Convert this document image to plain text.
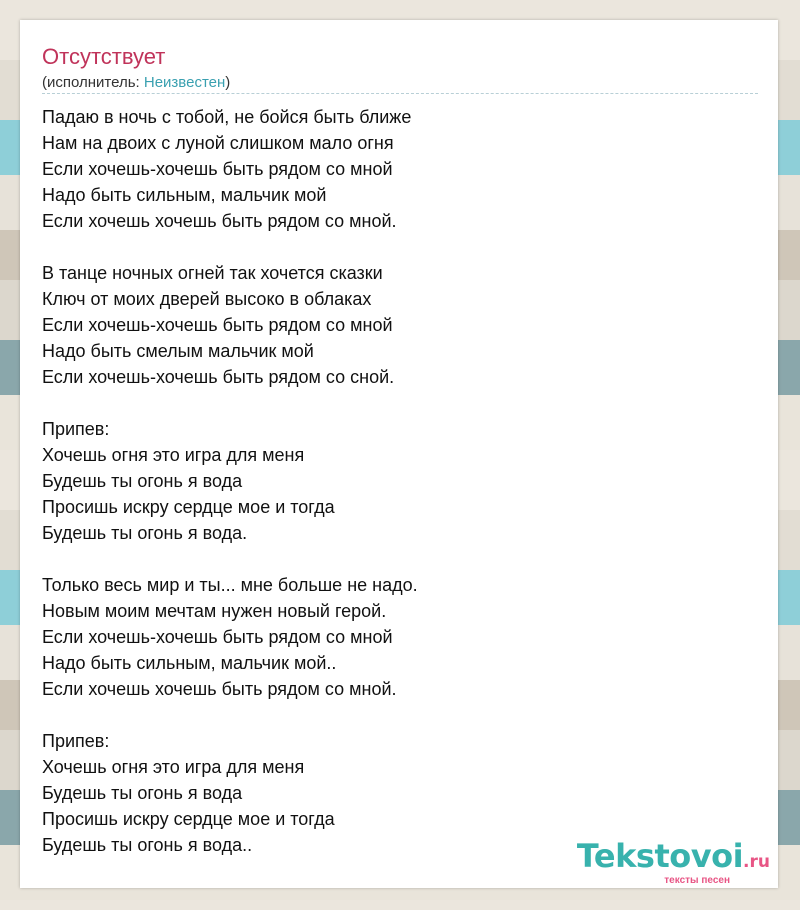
Отсутствует
(исполнитель: Неизвестен)
Падаю в ночь с тобой, не бойся быть ближе
Нам на двоих с луной слишком мало огня
Если хочешь-хочешь быть рядом со мной
Надо быть сильным, мальчик мой
Если хочешь хочешь быть рядом со мной.
В танце ночных огней так хочется сказки
Ключ от моих дверей высоко в облаках
Если хочешь-хочешь быть рядом со мной
Надо быть смелым мальчик мой
Если хочешь-хочешь быть рядом со сной.
Припев:
Хочешь огня это игра для меня
Будешь ты огонь я вода
Просишь искру сердце мое и тогда
Будешь ты огонь я вода.
Только весь мир и ты... мне больше не надо.
Новым моим мечтам нужен новый герой.
Если хочешь-хочешь быть рядом со мной
Надо быть сильным, мальчик мой..
Если хочешь хочешь быть рядом со мной.
Припев:
Хочешь огня это игра для меня
Будешь ты огонь я вода
Просишь искру сердце мое и тогда
Будешь ты огонь я вода..	Tekstovoi.ru
тексты песен
